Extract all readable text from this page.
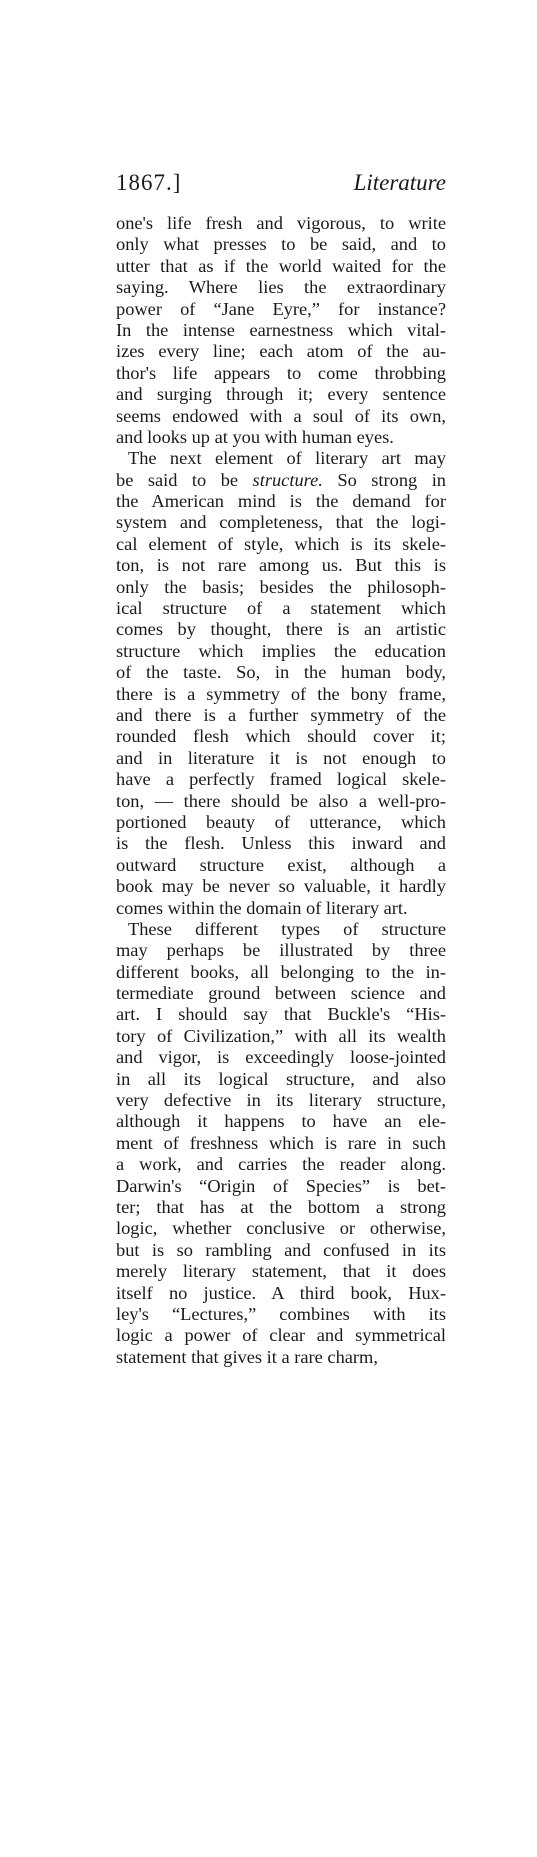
1867.]	Literature
one's life fresh and vigorous, to write
only what presses to be said, and to
utter that as if the world waited for the
saying. Where lies the extraordinary
power of “Jane Eyre,” for instance?
In the intense earnestness which vital-
izes every line; each atom of the au-
thor's life appears to come throbbing
and surging through it; every sentence
seems endowed with a soul of its own,
and looks up at you with human eyes.
The next element of literary art may
be said to be structure. So strong in
the American mind is the demand for
system and completeness, that the logi-
cal element of style, which is its skele-
ton, is not rare among us. But this is
only the basis; besides the philosoph-
ical structure of a statement which
comes by thought, there is an artistic
structure which implies the education
of the taste. So, in the human body,
there is a symmetry of the bony frame,
and there is a further symmetry of the
rounded flesh which should cover it;
and in literature it is not enough to
have a perfectly framed logical skele-
ton, — there should be also a well-pro-
portioned beauty of utterance, which
is the flesh. Unless this inward and
outward structure exist, although a
book may be never so valuable, it hardly
comes within the domain of literary art.
These different types of structure
may perhaps be illustrated by three
different books, all belonging to the in-
termediate ground between science and
art. I should say that Buckle's “His-
tory of Civilization,” with all its wealth
and vigor, is exceedingly loose-jointed
in all its logical structure, and also
very defective in its literary structure,
although it happens to have an ele-
ment of freshness which is rare in such
a work, and carries the reader along.
Darwin's “Origin of Species” is bet-
ter; that has at the bottom a strong
logic, whether conclusive or otherwise,
but is so rambling and confused in its
merely literary statement, that it does
itself no justice. A third book, Hux-
ley's “Lectures,” combines with its
logic a power of clear and symmetrical
statement that gives it a rare charm,
